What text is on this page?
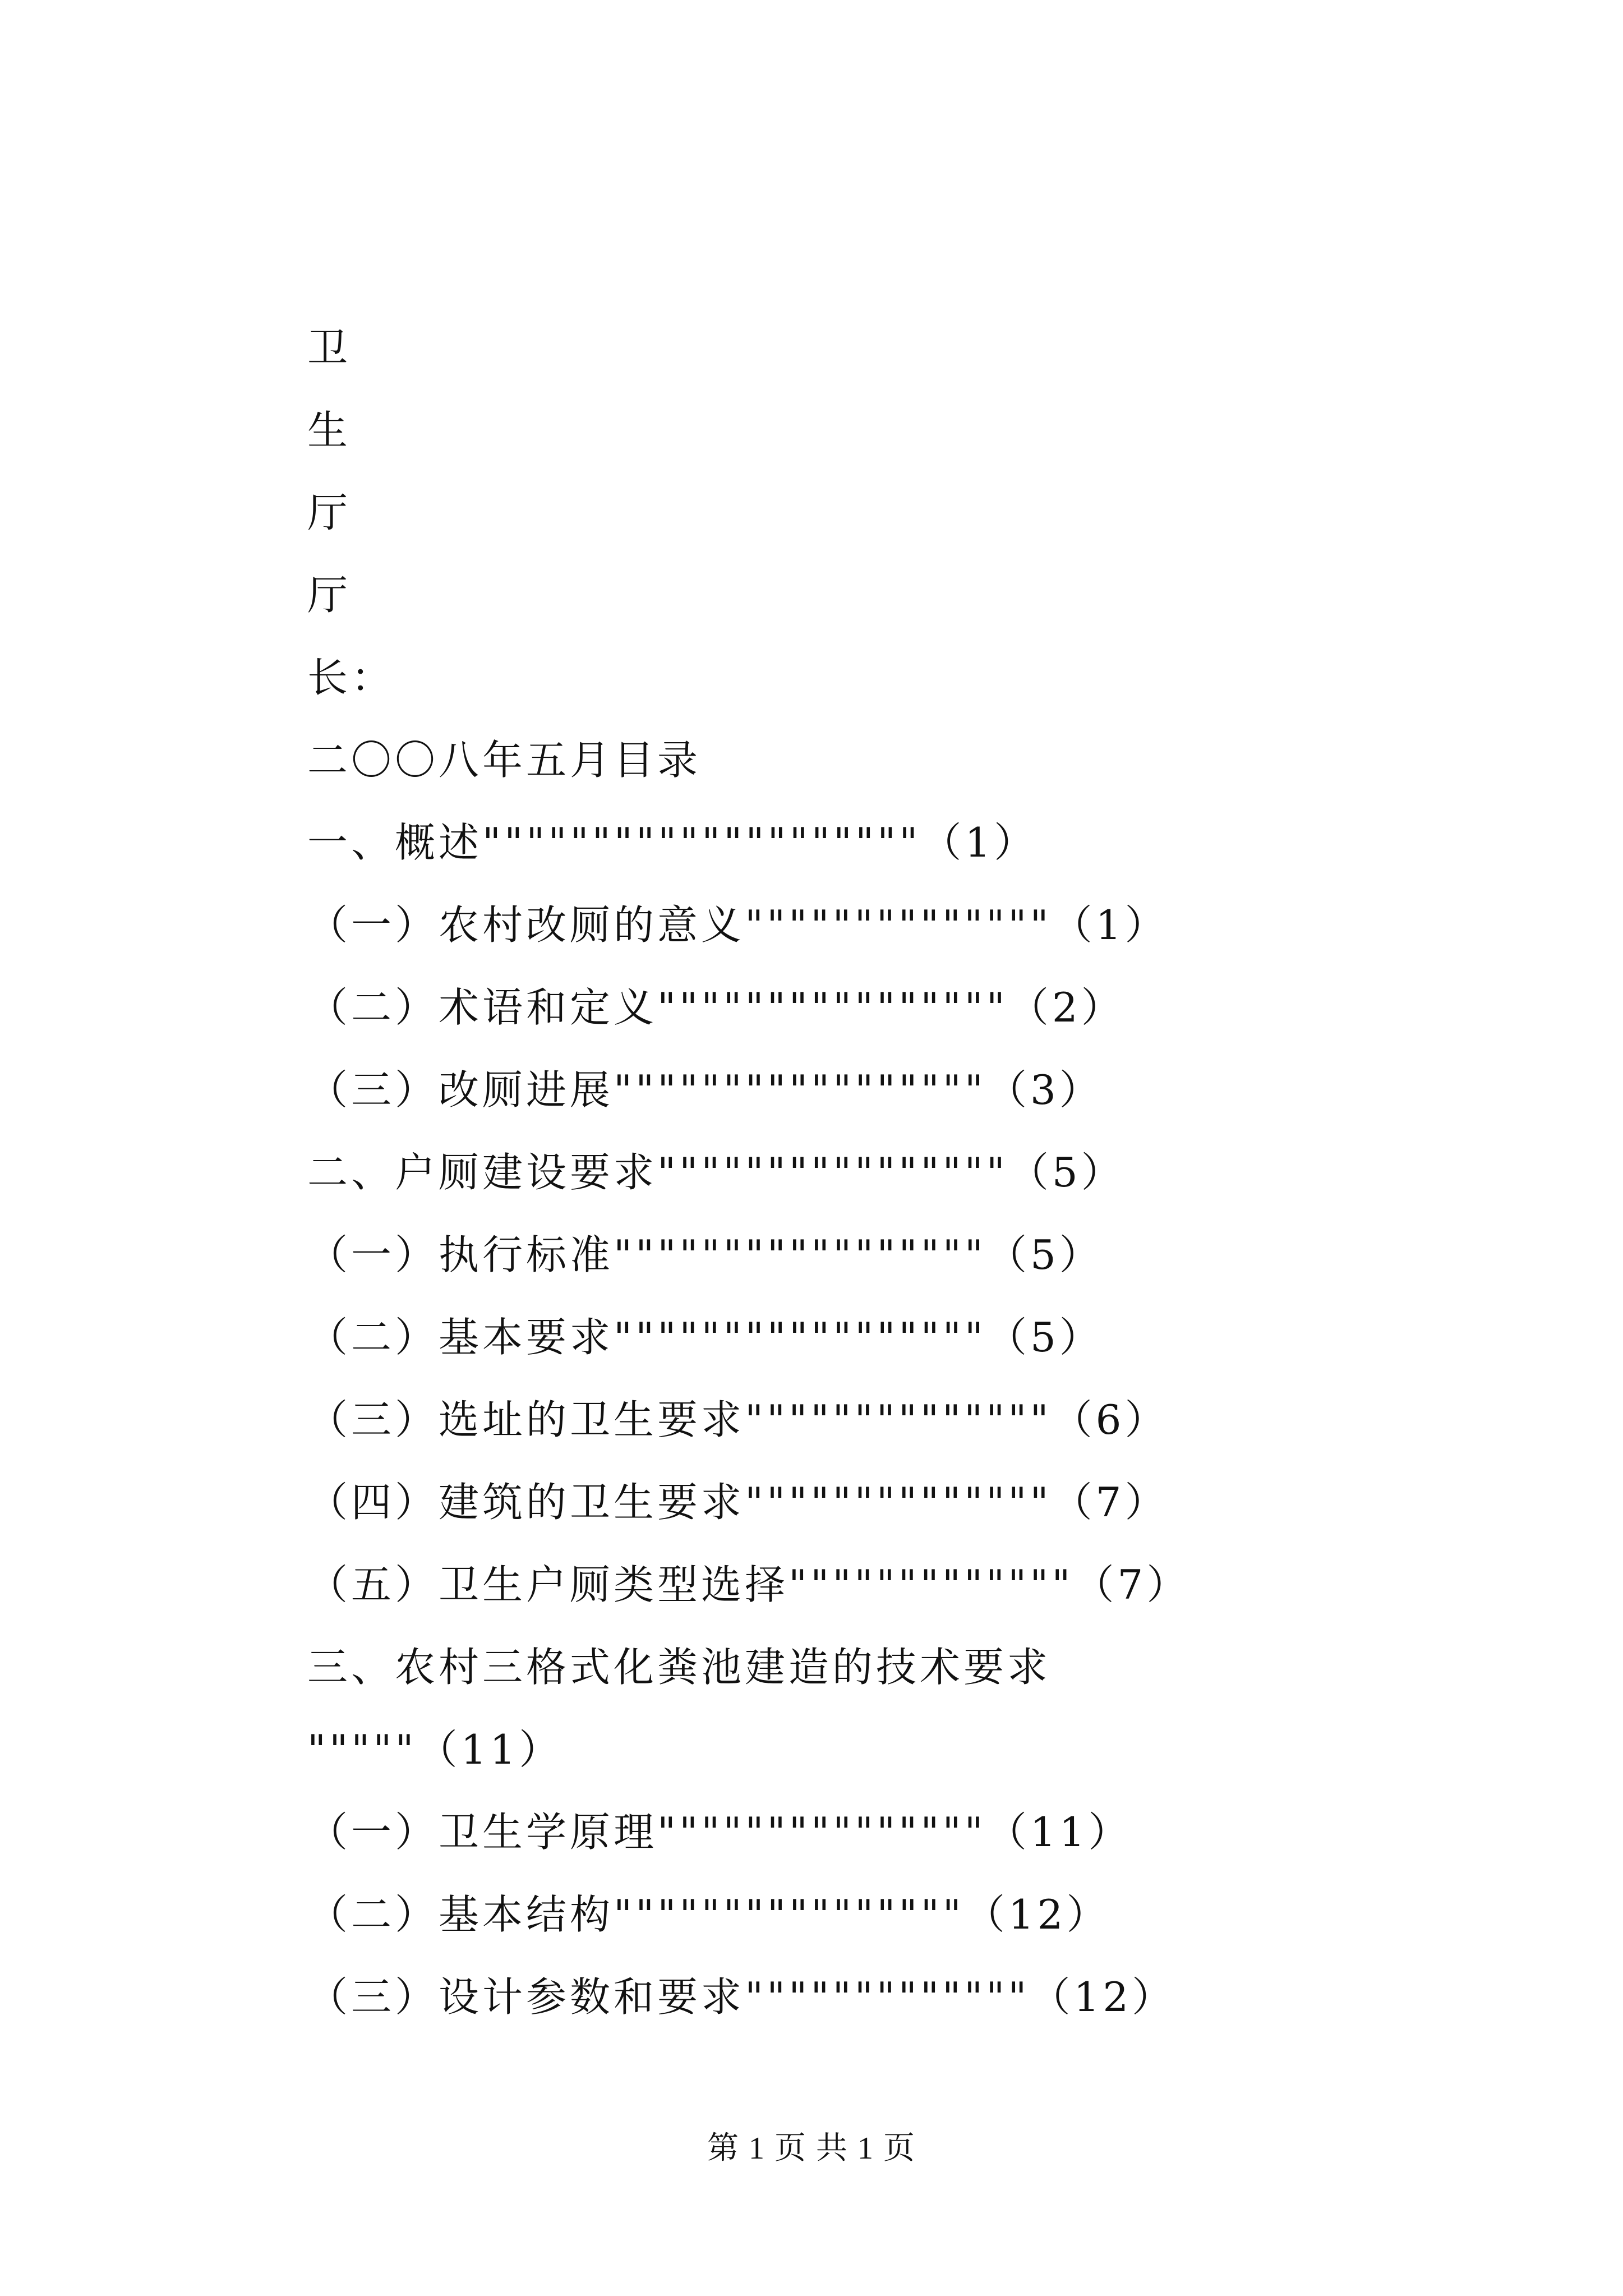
卫
生
厅
厅
长：
二〇〇八年五月目录
一、概述""""""""""""""""""""（1）
（一）农村改厕的意义""""""""""""""（1）
（二）术语和定义""""""""""""""""（2）
（三）改厕进展"""""""""""""""""（3）
二、户厕建设要求""""""""""""""""（5）
（一）执行标准"""""""""""""""""（5）
（二）基本要求"""""""""""""""""（5）
（三）选址的卫生要求""""""""""""""（6）
（四）建筑的卫生要求""""""""""""""（7）
（五）卫生户厕类型选择"""""""""""""（7）
三、农村三格式化粪池建造的技术要求
"""""（11）
（一）卫生学原理"""""""""""""""（11）
（二）基本结构""""""""""""""""（12）
（三）设计参数和要求"""""""""""""（12）
第 1 页 共 1 页
